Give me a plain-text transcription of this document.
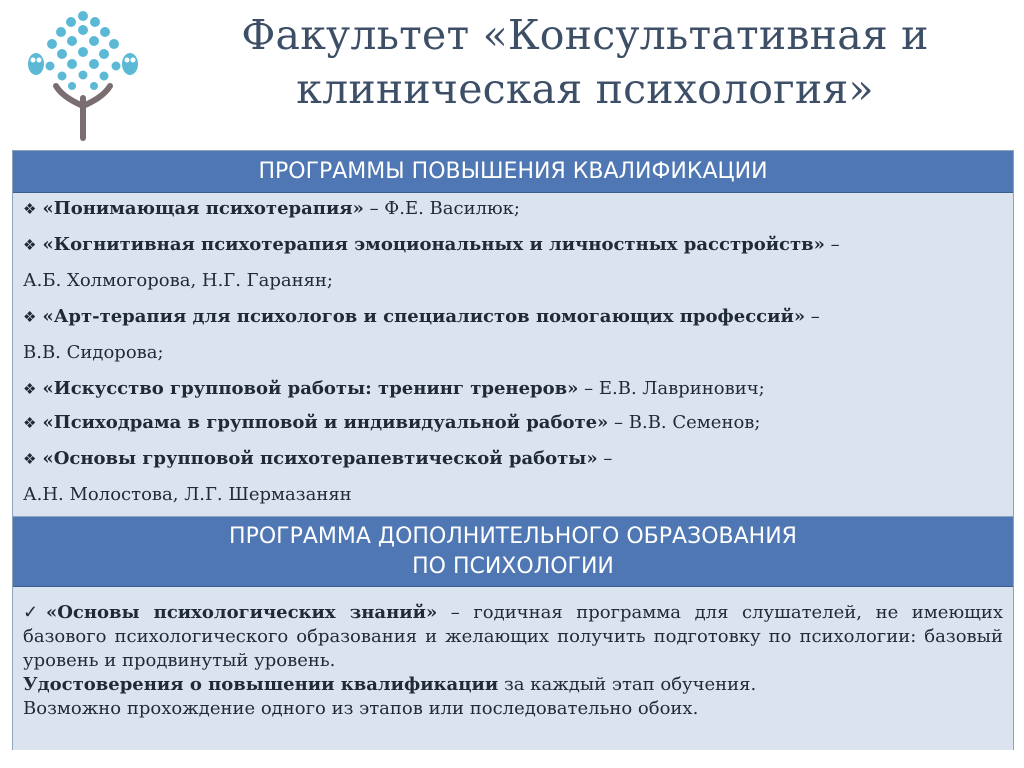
Факультет «Консультативная и клиническая психология»
ПРОГРАММЫ ПОВЫШЕНИЯ КВАЛИФИКАЦИИ
❖ «Понимающая психотерапия» – Ф.Е. Василюк;
❖ «Когнитивная психотерапия эмоциональных и личностных расстройств» –
А.Б. Холмогорова, Н.Г. Гаранян;
❖ «Арт-терапия для психологов и специалистов помогающих профессий» –
В.В. Сидорова;
❖ «Искусство групповой работы: тренинг тренеров» – Е.В. Лавринович;
❖ «Психодрама в групповой и индивидуальной работе» – В.В. Семенов;
❖ «Основы групповой психотерапевтической работы» –
А.Н. Молостова, Л.Г. Шермазанян
ПРОГРАММА ДОПОЛНИТЕЛЬНОГО ОБРАЗОВАНИЯ
ПО ПСИХОЛОГИИ
✓«Основы психологических знаний» – годичная программа для слушателей, не имеющих базового психологического образования и желающих получить подготовку по психологии: базовый уровень и продвинутый уровень.
Удостоверения о повышении квалификации за каждый этап обучения.
Возможно прохождение одного из этапов или последовательно обоих.
